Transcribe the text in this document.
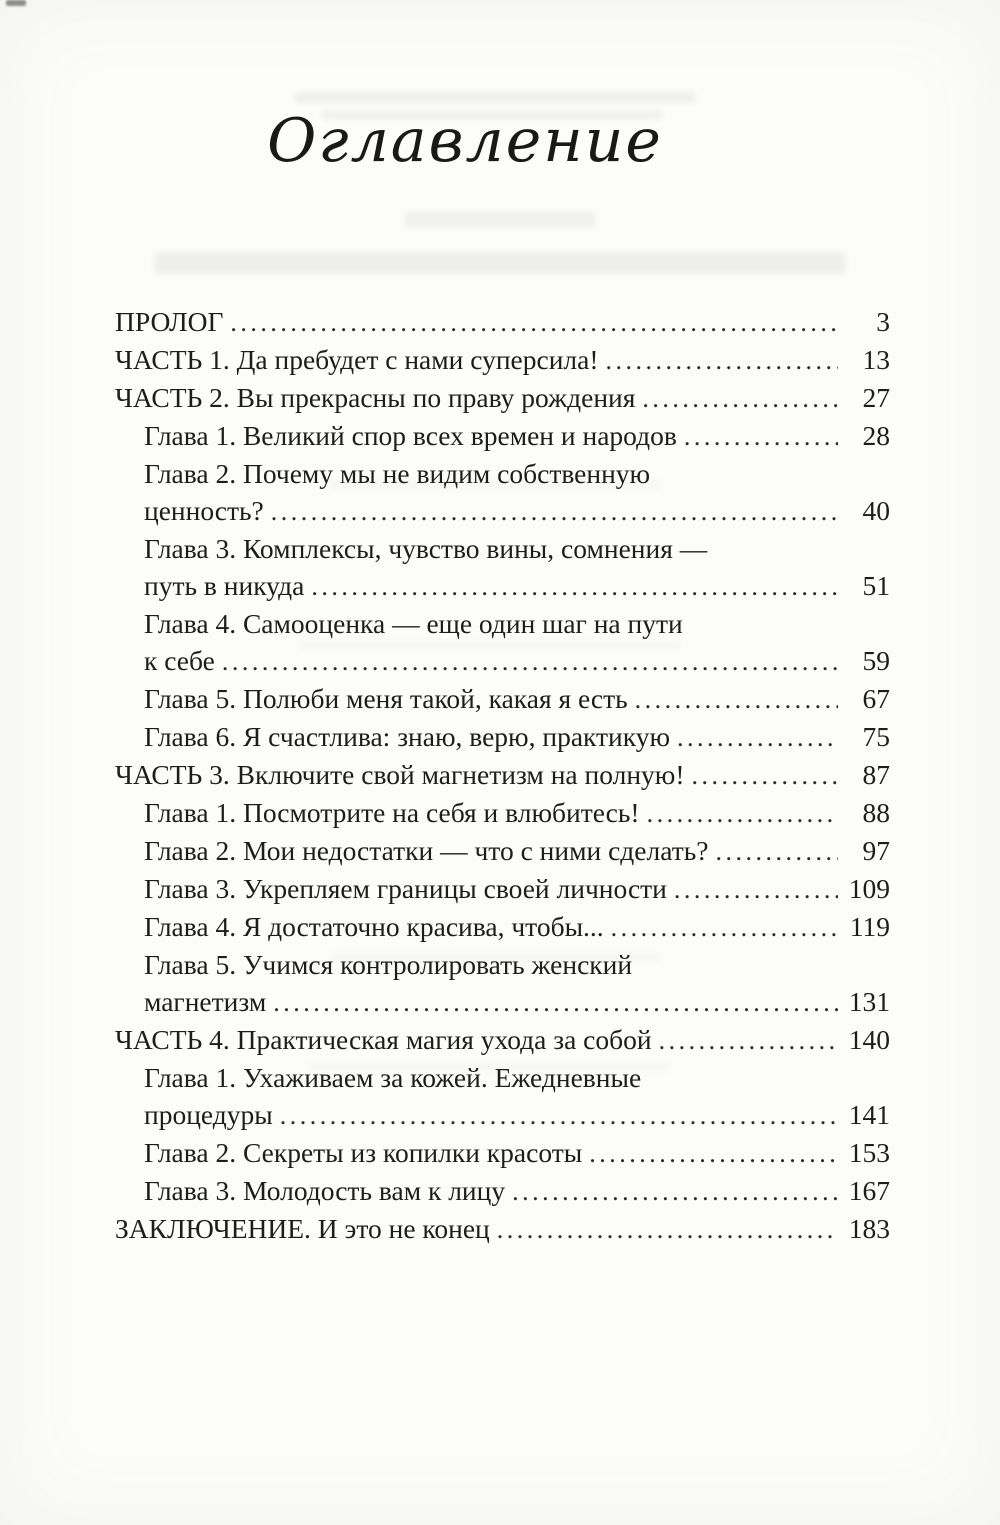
Оглавление
ПРОЛОГ .....	3
ЧАСТЬ 1. Да пребудет с нами суперсила! .....	13
ЧАСТЬ 2. Вы прекрасны по праву рождения .....	27
Глава 1. Великий спор всех времен и народов .....	28
Глава 2. Почему мы не видим собственную
ценность? .....	40
Глава 3. Комплексы, чувство вины, сомнения —
путь в никуда .....	51
Глава 4. Самооценка — еще один шаг на пути
к себе .....	59
Глава 5. Полюби меня такой, какая я есть .....	67
Глава 6. Я счастлива: знаю, верю, практикую .....	75
ЧАСТЬ 3. Включите свой магнетизм на полную! .....	87
Глава 1. Посмотрите на себя и влюбитесь! .....	88
Глава 2. Мои недостатки — что с ними сделать? .....	97
Глава 3. Укрепляем границы своей личности .....	109
Глава 4. Я достаточно красива, чтобы... .....	119
Глава 5. Учимся контролировать женский
магнетизм .....	131
ЧАСТЬ 4. Практическая магия ухода за собой .....	140
Глава 1. Ухаживаем за кожей. Ежедневные
процедуры .....	141
Глава 2. Секреты из копилки красоты .....	153
Глава 3. Молодость вам к лицу .....	167
ЗАКЛЮЧЕНИЕ. И это не конец .....	183
